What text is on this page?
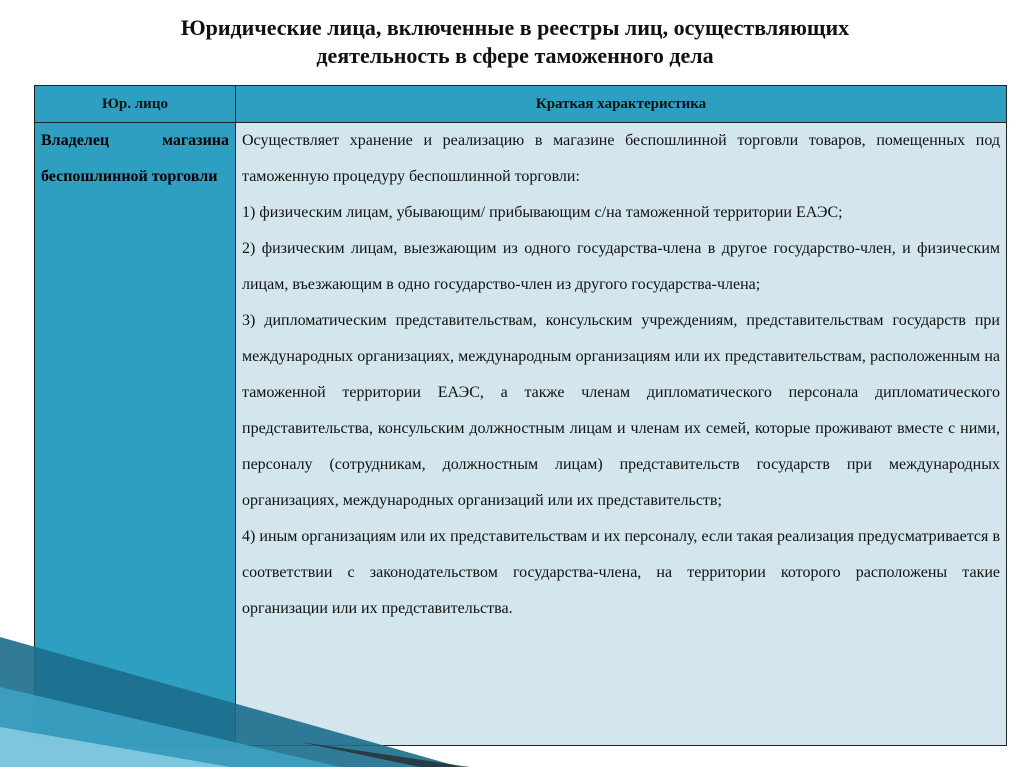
Юридические лица, включенные в реестры лиц, осуществляющих
деятельность в сфере таможенного дела
Юр. лицо	Краткая характеристика
Владелец магазина беспошлинной торговли	Осуществляет хранение и реализацию в магазине беспошлинной торговли товаров, помещенных под таможенную процедуру беспошлинной торговли:

1) физическим лицам, убывающим/ прибывающим с/на таможенной территории ЕАЭС;

2) физическим лицам, выезжающим из одного государства-члена в другое государство-член, и физическим лицам, въезжающим в одно государство-член из другого государства-члена;

3) дипломатическим представительствам, консульским учреждениям, представительствам государств при международных организациях, международным организациям или их представительствам, расположенным на таможенной территории ЕАЭС, а также членам дипломатического персонала дипломатического представительства, консульским должностным лицам и членам их семей, которые проживают вместе с ними, персоналу (сотрудникам, должностным лицам) представительств государств при международных организациях, международных организаций или их представительств;

4) иным организациям или их представительствам и их персоналу, если такая реализация предусматривается в соответствии с законодательством государства-члена, на территории которого расположены такие организации или их представительства.
